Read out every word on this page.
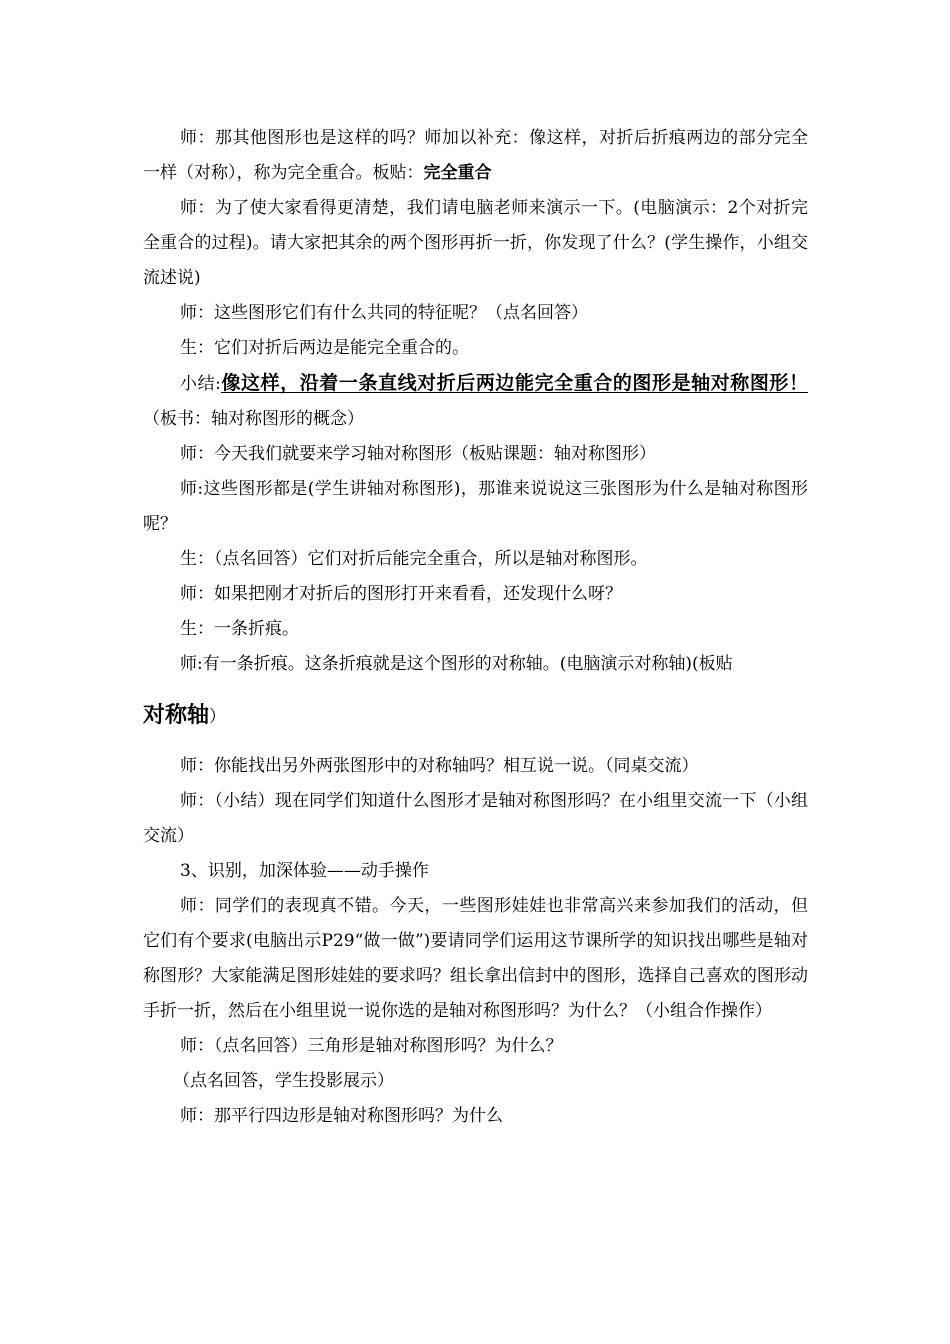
师：那其他图形也是这样的吗？师加以补充：像这样，对折后折痕两边的部分完全一样（对称），称为完全重合。板贴：完全重合

师：为了使大家看得更清楚，我们请电脑老师来演示一下。(电脑演示：2个对折完全重合的过程)。请大家把其余的两个图形再折一折，你发现了什么？(学生操作，小组交流述说)

师：这些图形它们有什么共同的特征呢？（点名回答）

生：它们对折后两边是能完全重合的。

小结:像这样，沿着一条直线对折后两边能完全重合的图形是轴对称图形！（板书：轴对称图形的概念）

师：今天我们就要来学习轴对称图形（板贴课题：轴对称图形）

师:这些图形都是(学生讲轴对称图形)，那谁来说说这三张图形为什么是轴对称图形呢？

生：（点名回答）它们对折后能完全重合，所以是轴对称图形。

师：如果把刚才对折后的图形打开来看看，还发现什么呀？

生：一条折痕。

师:有一条折痕。这条折痕就是这个图形的对称轴。(电脑演示对称轴)(板贴

对称轴）

师：你能找出另外两张图形中的对称轴吗？相互说一说。（同桌交流）

师：（小结）现在同学们知道什么图形才是轴对称图形吗？在小组里交流一下（小组交流）

3、识别，加深体验——动手操作

师：同学们的表现真不错。今天，一些图形娃娃也非常高兴来参加我们的活动，但它们有个要求(电脑出示P29“做一做”)要请同学们运用这节课所学的知识找出哪些是轴对称图形？大家能满足图形娃娃的要求吗？组长拿出信封中的图形，选择自己喜欢的图形动手折一折，然后在小组里说一说你选的是轴对称图形吗？为什么？（小组合作操作）

师：（点名回答）三角形是轴对称图形吗？为什么？

（点名回答，学生投影展示）

师：那平行四边形是轴对称图形吗？为什么
